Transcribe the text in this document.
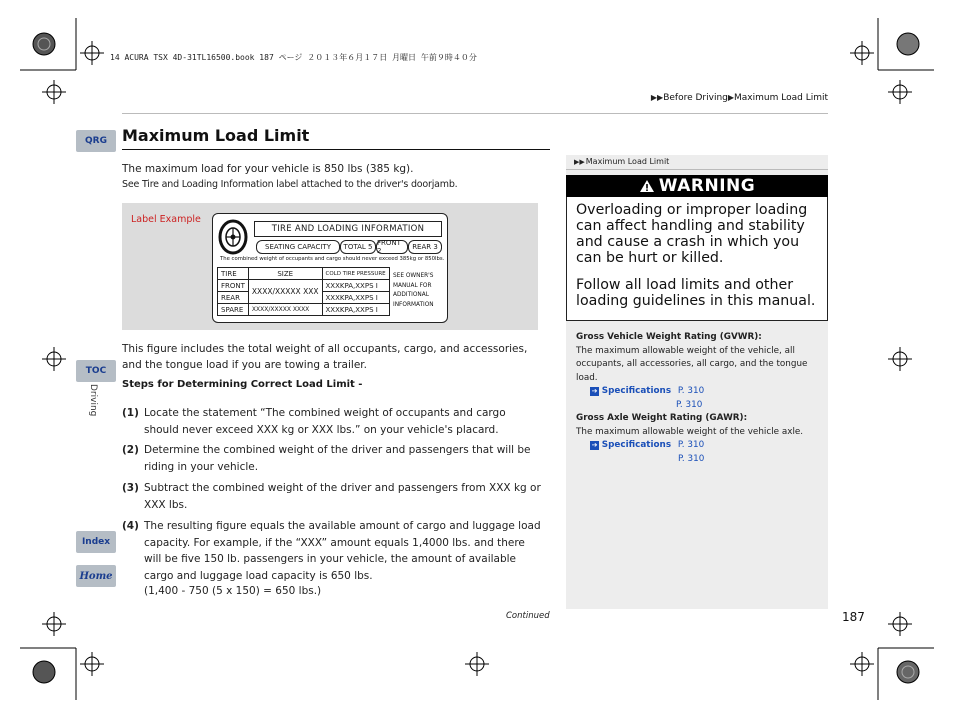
14 ACURA TSX 4D-31TL16500.book 187 ページ ２０１３年６月１７日 月曜日 午前９時４０分
▶▶Before Driving▶Maximum Load Limit
QRG
TOC
Driving
Index
Home
Maximum Load Limit
The maximum load for your vehicle is 850 lbs (385 kg).
See Tire and Loading Information label attached to the driver's doorjamb.
Label Example
TIRE AND LOADING INFORMATION
SEATING CAPACITY	TOTAL 5 FRONT 2	REAR 3
The combined weight of occupants and cargo should never exceed 385kg or 850lbs.
TIRE	SIZE	COLD TIRE PRESSURE
FRONT	XXXX/XXXXX XXX	XXXKPA,XXPS I
REAR		XXXKPA,XXPS I
SPARE	XXXX/XXXXX XXXX	XXXKPA,XXPS I
SEE OWNER'S
MANUAL FOR
ADDITIONAL
INFORMATION
This figure includes the total weight of all occupants, cargo, and accessories, and the tongue load if you are towing a trailer.
Steps for Determining Correct Load Limit -
(1) Locate the statement “The combined weight of occupants and cargo should never exceed XXX kg or XXX lbs.” on your vehicle's placard.
(2) Determine the combined weight of the driver and passengers that will be riding in your vehicle.
(3) Subtract the combined weight of the driver and passengers from XXX kg or XXX lbs.
(4) The resulting figure equals the available amount of cargo and luggage load capacity. For example, if the “XXX” amount equals 1,4000 lbs. and there will be five 150 lb. passengers in your vehicle, the amount of available cargo and luggage load capacity is 650 lbs.
(1,400 - 750 (5 x 150) = 650 lbs.)
Continued	187
▶▶Maximum Load Limit
WARNING
Overloading or improper loading can affect handling and stability and cause a crash in which you can be hurt or killed.
Follow all load limits and other loading guidelines in this manual.
Gross Vehicle Weight Rating (GVWR):
The maximum allowable weight of the vehicle, all occupants, all accessories, all cargo, and the tongue load.
➔ Specifications P. 310
P. 310
Gross Axle Weight Rating (GAWR):
The maximum allowable weight of the vehicle axle.
➔ Specifications P. 310
P. 310
